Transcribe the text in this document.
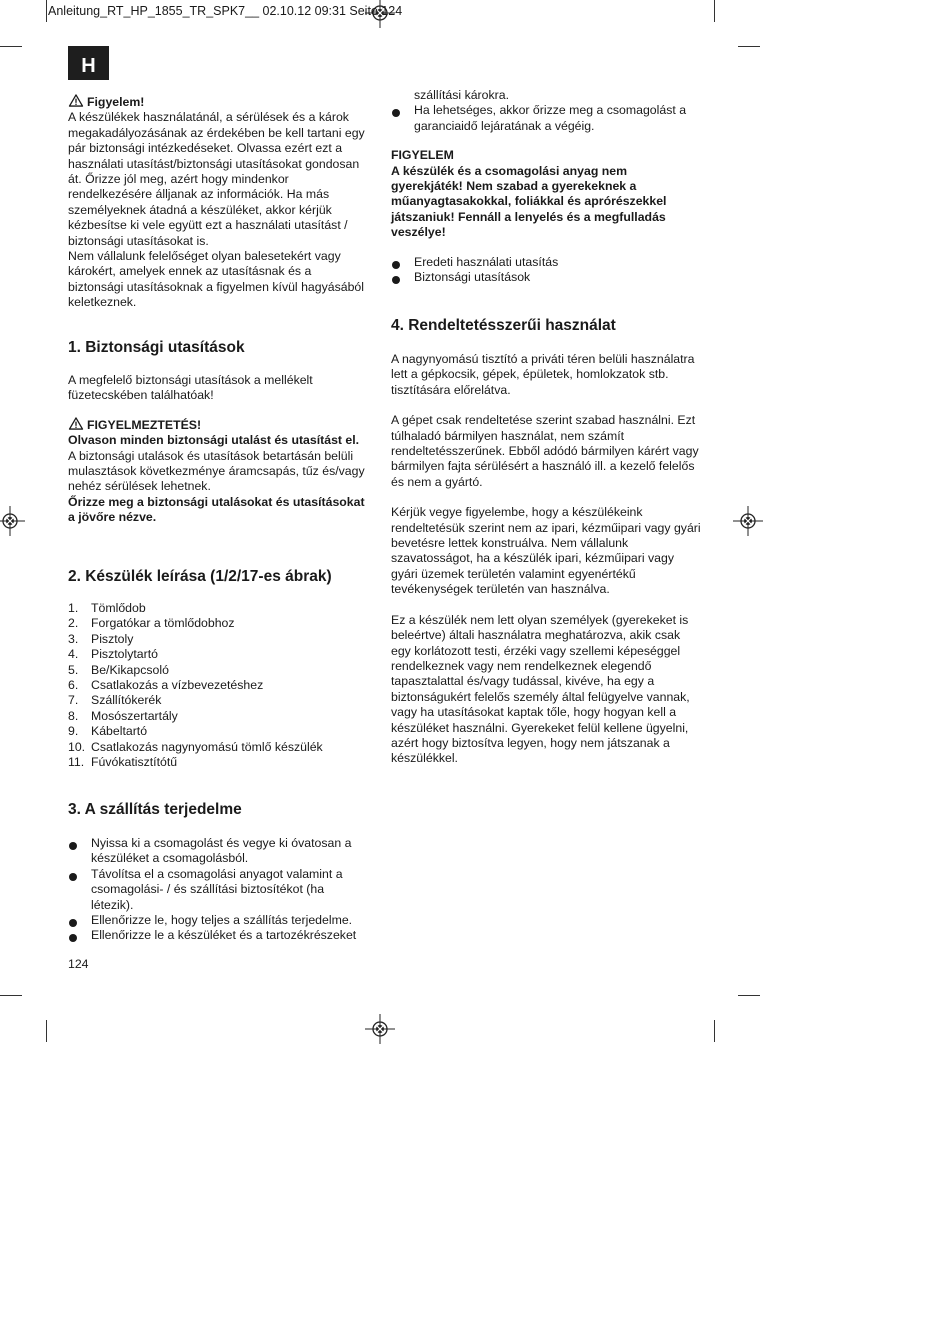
Anleitung_RT_HP_1855_TR_SPK7__ 02.10.12 09:31 Seite 124
H
Figyelem!
A készülékek használatánál, a sérülések és a károk megakadályozásának az érdekében be kell tartani egy pár biztonsági intézkedéseket. Olvassa ezért ezt a használati utasítást/biztonsági utasításokat gondosan át. Őrizze jól meg, azért hogy mindenkor rendelkezésére álljanak az információk. Ha más személyeknek átadná a készüléket, akkor kérjük kézbesítse ki vele együtt ezt a használati utasítást / biztonsági utasításokat is.
Nem vállalunk felelőséget olyan balesetekért vagy károkért, amelyek ennek az utasításnak és a biztonsági utasításoknak a figyelmen kívül hagyásából keletkeznek.
1. Biztonsági utasítások
A megfelelő biztonsági utasítások a mellékelt füzetecskében találhatóak!
FIGYELMEZTETÉS!
Olvason minden biztonsági utalást és utasítást el.
A biztonsági utalások és utasítások betartásán belüli mulasztások következménye áramcsapás, tűz és/vagy nehéz sérülések lehetnek.
Őrizze meg a biztonsági utalásokat és utasításokat a jövőre nézve.
2. Készülék leírása (1/2/17-es ábrak)
1.	Tömlődob
2.	Forgatókar a tömlődobhoz
3.	Pisztoly
4.	Pisztolytartó
5.	Be/Kikapcsoló
6.	Csatlakozás a vízbevezetéshez
7.	Szállítókerék
8.	Mosószertartály
9.	Kábeltartó
10. Csatlakozás nagynyomású tömlő készülék
11. Fúvókatisztítótű
3. A szállítás terjedelme
Nyissa ki a csomagolást és vegye ki óvatosan a készüléket a csomagolásból.
Távolítsa el a csomagolási anyagot valamint a csomagolási- / és szállítási biztosítékot (ha létezik).
Ellenőrizze le, hogy teljes a szállítás terjedelme.
Ellenőrizze le a készüléket és a tartozékrészeket
124
szállítási károkra.
Ha lehetséges, akkor őrizze meg a csomagolást a garanciaidő lejáratának a végéig.
FIGYELEM
A készülék és a csomagolási anyag nem gyerekjáték! Nem szabad a gyerekeknek a műanyagtasakokkal, foliákkal és aprórészekkel játszaniuk! Fennáll a lenyelés és a megfulladás veszélye!
Eredeti használati utasítás
Biztonsági utasítások
4. Rendeltetésszerűi használat
A nagynyomású tisztító a priváti téren belüli használatra lett a gépkocsik, gépek, épületek, homlokzatok stb. tisztítására előrelátva.
A gépet csak rendeltetése szerint szabad használni. Ezt túlhaladó bármilyen használat, nem számít rendeltetésszerűnek. Ebből adódó bármilyen kárért vagy bármilyen fajta sérülésért a használó ill. a kezelő felelős és nem a gyártó.
Kérjük vegye figyelembe, hogy a készülékeink rendeltetésük szerint nem az ipari, kézműipari vagy gyári bevetésre lettek konstruálva. Nem vállalunk szavatosságot, ha a készülék ipari, kézműipari vagy gyári üzemek területén valamint egyenértékű tevékenységek területén van használva.
Ez a készülék nem lett olyan személyek (gyerekeket is beleértve) általi használatra meghatározva, akik csak egy korlátozott testi, érzéki vagy szellemi képeséggel rendelkeznek vagy nem rendelkeznek elegendő tapasztalattal és/vagy tudással, kivéve, ha egy a biztonságukért felelős személy által felügyelve vannak, vagy ha utasításokat kaptak tőle, hogy hogyan kell a készüléket használni. Gyerekeket felül kellene ügyelni, azért hogy biztosítva legyen, hogy nem játszanak a készülékkel.
